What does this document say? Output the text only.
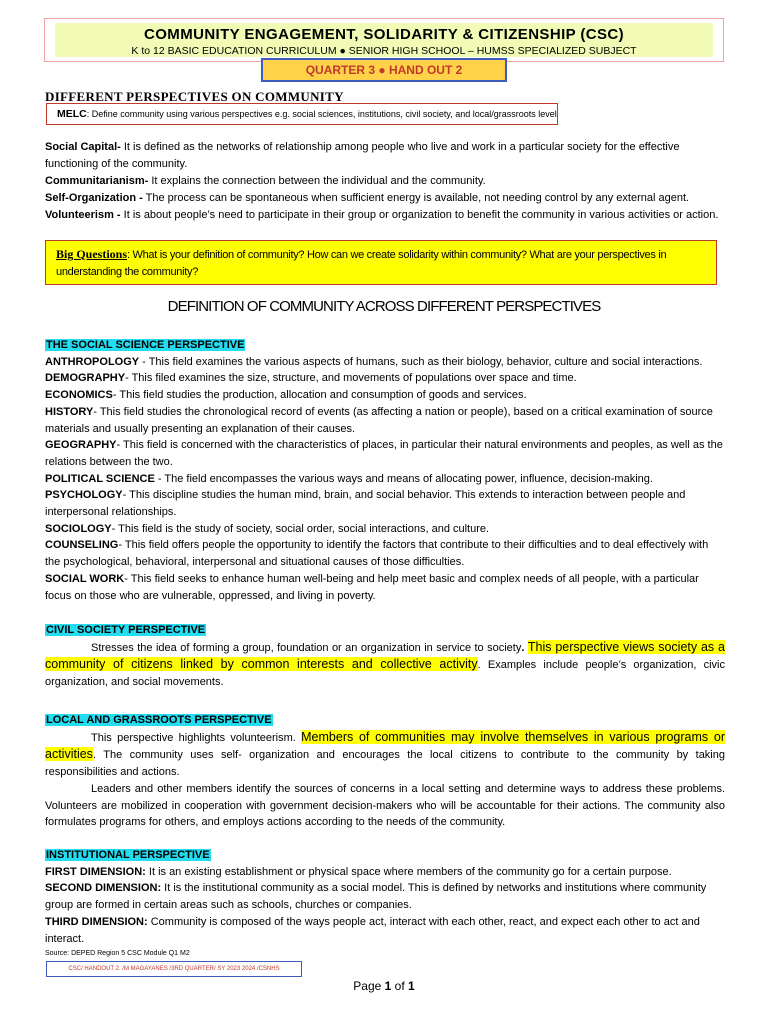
COMMUNITY ENGAGEMENT, SOLIDARITY & CITIZENSHIP (CSC)
K to 12 BASIC EDUCATION CURRICULUM ● SENIOR HIGH SCHOOL – HUMSS SPECIALIZED SUBJECT
QUARTER 3 ● HAND OUT 2
DIFFERENT PERSPECTIVES ON COMMUNITY
MELC: Define community using various perspectives e.g. social sciences, institutions, civil society, and local/grassroots level

Social Capital- It is defined as the networks of relationship among people who live and work in a particular society for the effective functioning of the community.

Communitarianism- It explains the connection between the individual and the community.

Self-Organization - The process can be spontaneous when sufficient energy is available, not needing control by any external agent.

Volunteerism - It is about people’s need to participate in their group or organization to benefit the community in various activities or action.

Big Questions: What is your definition of community? How can we create solidarity within community? What are your perspectives in understanding the community?
DEFINITION OF COMMUNITY ACROSS DIFFERENT PERSPECTIVES

THE SOCIAL SCIENCE PERSPECTIVE

ANTHROPOLOGY - This field examines the various aspects of humans, such as their biology, behavior, culture and social interactions.

DEMOGRAPHY- This filed examines the size, structure, and movements of populations over space and time.

ECONOMICS- This field studies the production, allocation and consumption of goods and services.

HISTORY- This field studies the chronological record of events (as affecting a nation or people), based on a critical examination of source materials and usually presenting an explanation of their causes.

GEOGRAPHY- This field is concerned with the characteristics of places, in particular their natural environments and peoples, as well as the relations between the two.

POLITICAL SCIENCE - The field encompasses the various ways and means of allocating power, influence, decision-making.

PSYCHOLOGY- This discipline studies the human mind, brain, and social behavior. This extends to interaction between people and interpersonal relationships.

SOCIOLOGY- This field is the study of society, social order, social interactions, and culture.

COUNSELING- This field offers people the opportunity to identify the factors that contribute to their difficulties and to deal effectively with the psychological, behavioral, interpersonal and situational causes of those difficulties.

SOCIAL WORK- This field seeks to enhance human well-being and help meet basic and complex needs of all people, with a particular focus on those who are vulnerable, oppressed, and living in poverty.

CIVIL SOCIETY PERSPECTIVE

Stresses the idea of forming a group, foundation or an organization in service to society. This perspective views society as a community of citizens linked by common interests and collective activity. Examples include people’s organization, civic organization, and social movements.

LOCAL AND GRASSROOTS PERSPECTIVE

This perspective highlights volunteerism. Members of communities may involve themselves in various programs or activities. The community uses self- organization and encourages the local citizens to contribute to the community by taking responsibilities and actions.

Leaders and other members identify the sources of concerns in a local setting and determine ways to address these problems. Volunteers are mobilized in cooperation with government decision-makers who will be accountable for their actions. The community also formulates programs for others, and employs actions according to the needs of the community.

INSTITUTIONAL PERSPECTIVE

FIRST DIMENSION: It is an existing establishment or physical space where members of the community go for a certain purpose.

SECOND DIMENSION: It is the institutional community as a social model. This is defined by networks and institutions where community group are formed in certain areas such as schools, churches or companies.

THIRD DIMENSION: Community is composed of the ways people act, interact with each other, react, and expect each other to act and interact.

Source: DEPED Region 5 CSC Module Q1 M2
CSC/ HANDOUT 2. /M MAGAYANES /3RD QUARTER/ SY 2023 2024 /CSNHS
Page 1 of 1
